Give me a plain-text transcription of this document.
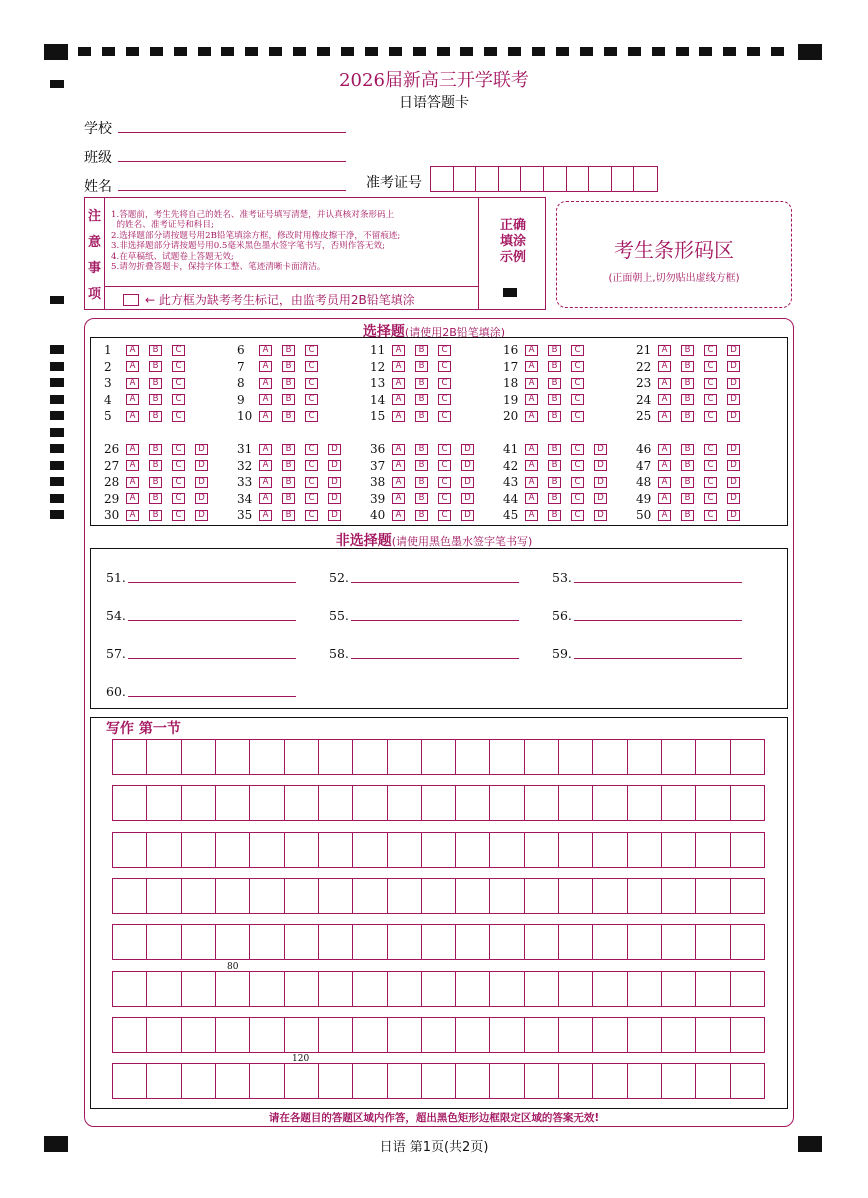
2026届新高三开学联考
日语答题卡
学校
班级
姓名	准考证号
注
意
事
项
1.答题前，考生先将自己的姓名、准考证号填写清楚，并认真核对条形码上
的姓名、准考证号和科目;
2.选择题部分请按题号用2B铅笔填涂方框，修改时用橡皮擦干净，不留痕迹;
3.非选择题部分请按题号用0.5毫米黑色墨水签字笔书写，否则作答无效;
4.在草稿纸、试题卷上答题无效;
5.请勿折叠答题卡，保持字体工整、笔迹清晰卡面清洁。
← 此方框为缺考考生标记，由监考员用2B铅笔填涂
正确
填涂
示例	考生条形码区
(正面朝上,切勿贴出虚线方框)
选择题(请使用2B铅笔填涂)
1	A	B	C
2	A	B	C
3	A	B	C
4	A	B	C
5	A	B	C
6	A	B	C
7	A	B	C
8	A	B	C
9	A	B	C
10	A	B	C
11	A	B	C
12	A	B	C
13	A	B	C
14	A	B	C
15	A	B	C
16	A	B	C
17	A	B	C
18	A	B	C
19	A	B	C
20	A	B	C
21	A	B	C	D
22	A	B	C	D
23	A	B	C	D
24	A	B	C	D
25	A	B	C	D
26	A	B	C	D
27	A	B	C	D
28	A	B	C	D
29	A	B	C	D
30	A	B	C	D
31	A	B	C	D
32	A	B	C	D
33	A	B	C	D
34	A	B	C	D
35	A	B	C	D
36	A	B	C	D
37	A	B	C	D
38	A	B	C	D
39	A	B	C	D
40	A	B	C	D
41	A	B	C	D
42	A	B	C	D
43	A	B	C	D
44	A	B	C	D
45	A	B	C	D
46	A	B	C	D
47	A	B	C	D
48	A	B	C	D
49	A	B	C	D
50	A	B	C	D
非选择题(请使用黑色墨水签字笔书写)
51.	52.	53.
54.	55.	56.
57.	58.	59.
60.
写作 第一节
80
120
请在各题目的答题区域内作答，超出黑色矩形边框限定区域的答案无效!
日语 第1页(共2页)
